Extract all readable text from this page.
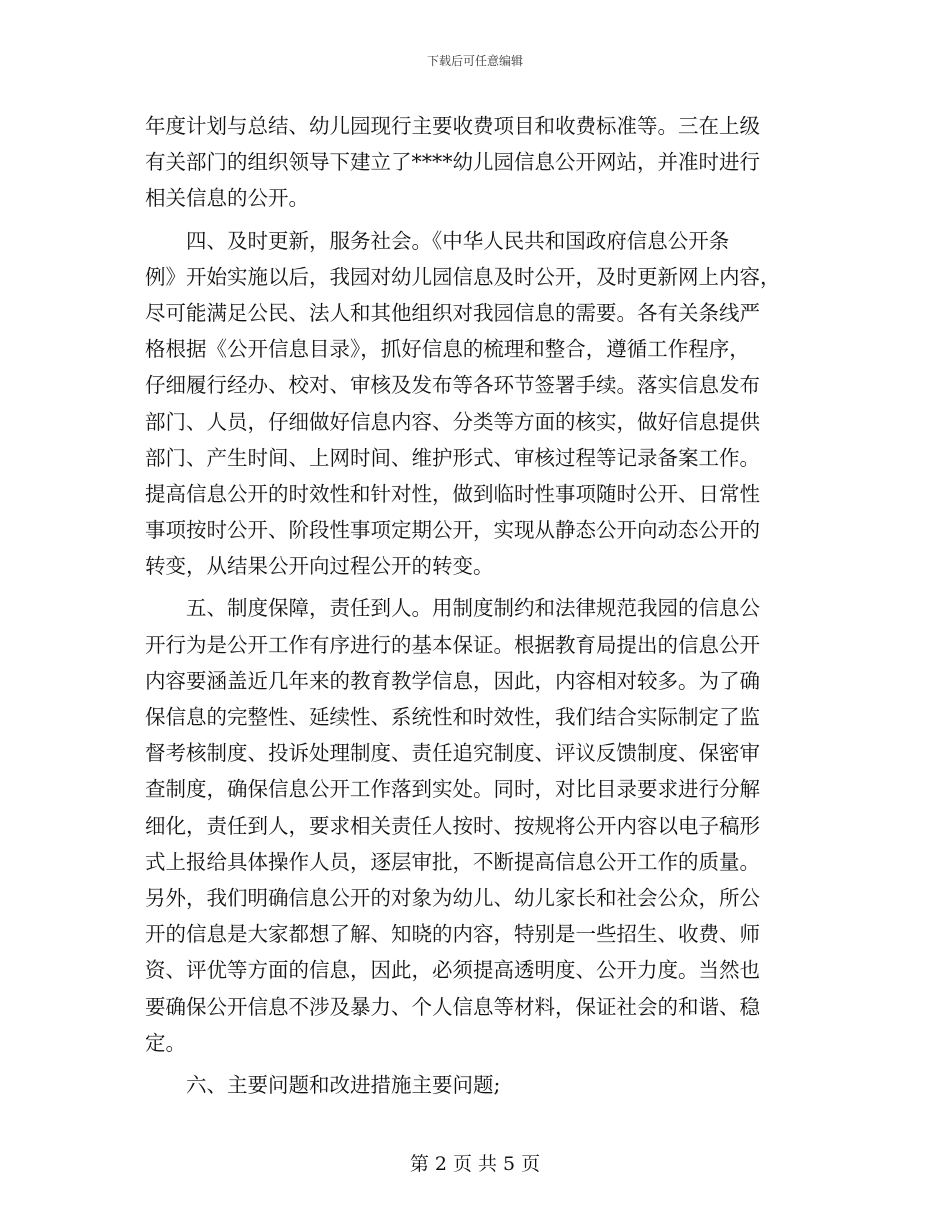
下载后可任意编辑
年度计划与总结、幼儿园现行主要收费项目和收费标准等。三在上级
有关部门的组织领导下建立了****幼儿园信息公开网站，并准时进行
相关信息的公开。
四、及时更新，服务社会。《中华人民共和国政府信息公开条
例》开始实施以后，我园对幼儿园信息及时公开，及时更新网上内容，
尽可能满足公民、法人和其他组织对我园信息的需要。各有关条线严
格根据《公开信息目录》，抓好信息的梳理和整合，遵循工作程序，
仔细履行经办、校对、审核及发布等各环节签署手续。落实信息发布
部门、人员，仔细做好信息内容、分类等方面的核实，做好信息提供
部门、产生时间、上网时间、维护形式、审核过程等记录备案工作。
提高信息公开的时效性和针对性，做到临时性事项随时公开、日常性
事项按时公开、阶段性事项定期公开，实现从静态公开向动态公开的
转变，从结果公开向过程公开的转变。
五、制度保障，责任到人。用制度制约和法律规范我园的信息公
开行为是公开工作有序进行的基本保证。根据教育局提出的信息公开
内容要涵盖近几年来的教育教学信息，因此，内容相对较多。为了确
保信息的完整性、延续性、系统性和时效性，我们结合实际制定了监
督考核制度、投诉处理制度、责任追究制度、评议反馈制度、保密审
查制度，确保信息公开工作落到实处。同时，对比目录要求进行分解
细化，责任到人，要求相关责任人按时、按规将公开内容以电子稿形
式上报给具体操作人员，逐层审批，不断提高信息公开工作的质量。
另外，我们明确信息公开的对象为幼儿、幼儿家长和社会公众，所公
开的信息是大家都想了解、知晓的内容，特别是一些招生、收费、师
资、评优等方面的信息，因此，必须提高透明度、公开力度。当然也
要确保公开信息不涉及暴力、个人信息等材料，保证社会的和谐、稳
定。
六、主要问题和改进措施主要问题;
第 2 页 共 5 页
